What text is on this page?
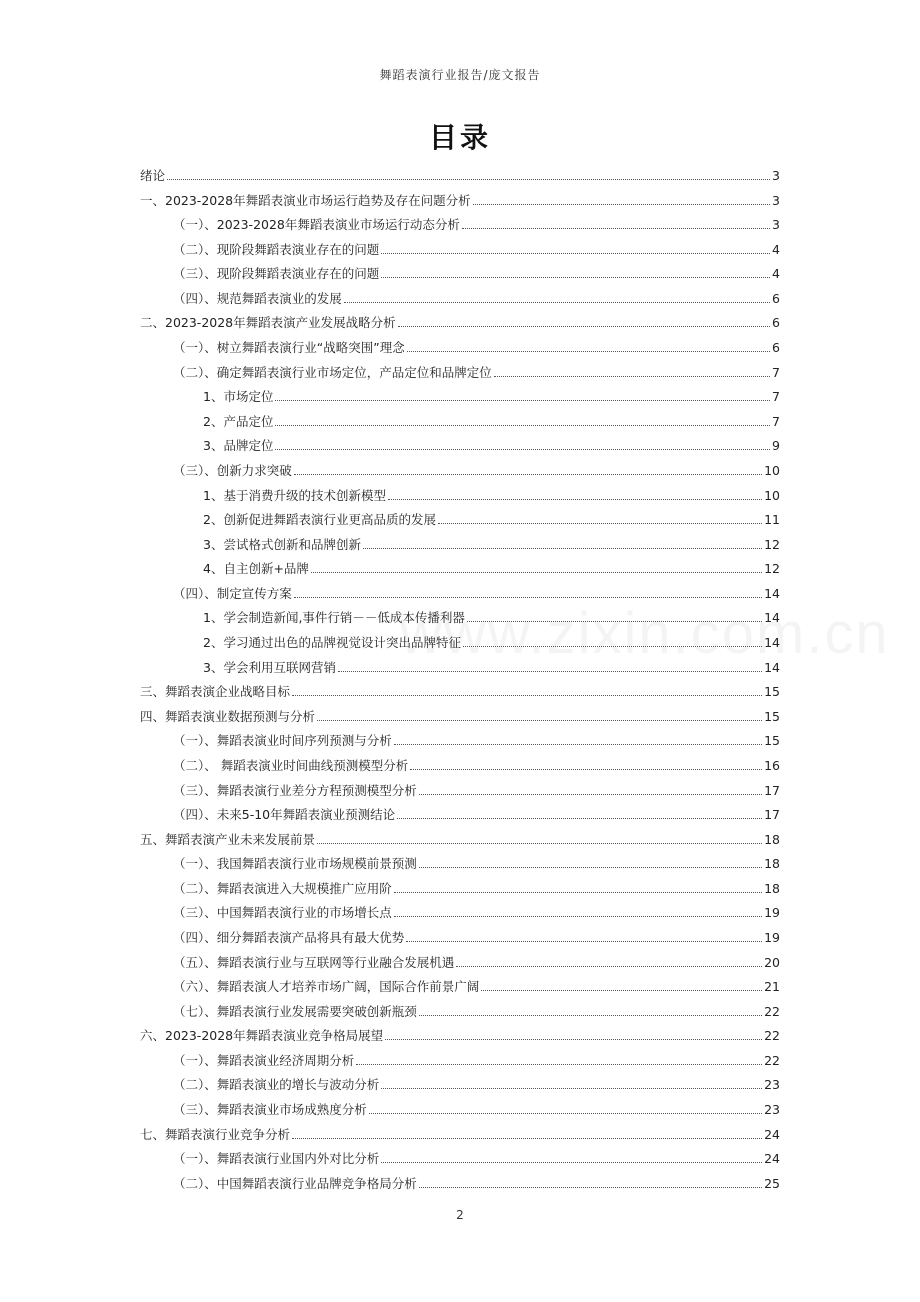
舞蹈表演行业报告/庞文报告
目录
绪论	3
一、2023-2028年舞蹈表演业市场运行趋势及存在问题分析	3
（一）、2023-2028年舞蹈表演业市场运行动态分析	3
（二）、现阶段舞蹈表演业存在的问题	4
（三）、现阶段舞蹈表演业存在的问题	4
（四）、规范舞蹈表演业的发展	6
二、2023-2028年舞蹈表演产业发展战略分析	6
（一）、树立舞蹈表演行业“战略突围”理念	6
（二）、确定舞蹈表演行业市场定位，产品定位和品牌定位	7
1、市场定位	7
2、产品定位	7
3、品牌定位	9
（三）、创新力求突破	10
1、基于消费升级的技术创新模型	10
2、创新促进舞蹈表演行业更高品质的发展	11
3、尝试格式创新和品牌创新	12
4、自主创新+品牌	12
（四）、制定宣传方案	14
1、学会制造新闻,事件行销－－低成本传播利器	14
2、学习通过出色的品牌视觉设计突出品牌特征	14
3、学会利用互联网营销	14
三、舞蹈表演企业战略目标	15
四、舞蹈表演业数据预测与分析	15
（一）、舞蹈表演业时间序列预测与分析	15
（二）、 舞蹈表演业时间曲线预测模型分析	16
（三）、舞蹈表演行业差分方程预测模型分析	17
（四）、未来5-10年舞蹈表演业预测结论	17
五、舞蹈表演产业未来发展前景	18
（一）、我国舞蹈表演行业市场规模前景预测	18
（二）、舞蹈表演进入大规模推广应用阶	18
（三）、中国舞蹈表演行业的市场增长点	19
（四）、细分舞蹈表演产品将具有最大优势	19
（五）、舞蹈表演行业与互联网等行业融合发展机遇	20
（六）、舞蹈表演人才培养市场广阔，国际合作前景广阔	21
（七）、舞蹈表演行业发展需要突破创新瓶颈	22
六、2023-2028年舞蹈表演业竞争格局展望	22
（一）、舞蹈表演业经济周期分析	22
（二）、舞蹈表演业的增长与波动分析	23
（三）、舞蹈表演业市场成熟度分析	23
七、舞蹈表演行业竞争分析	24
（一）、舞蹈表演行业国内外对比分析	24
（二）、中国舞蹈表演行业品牌竞争格局分析	25
2
